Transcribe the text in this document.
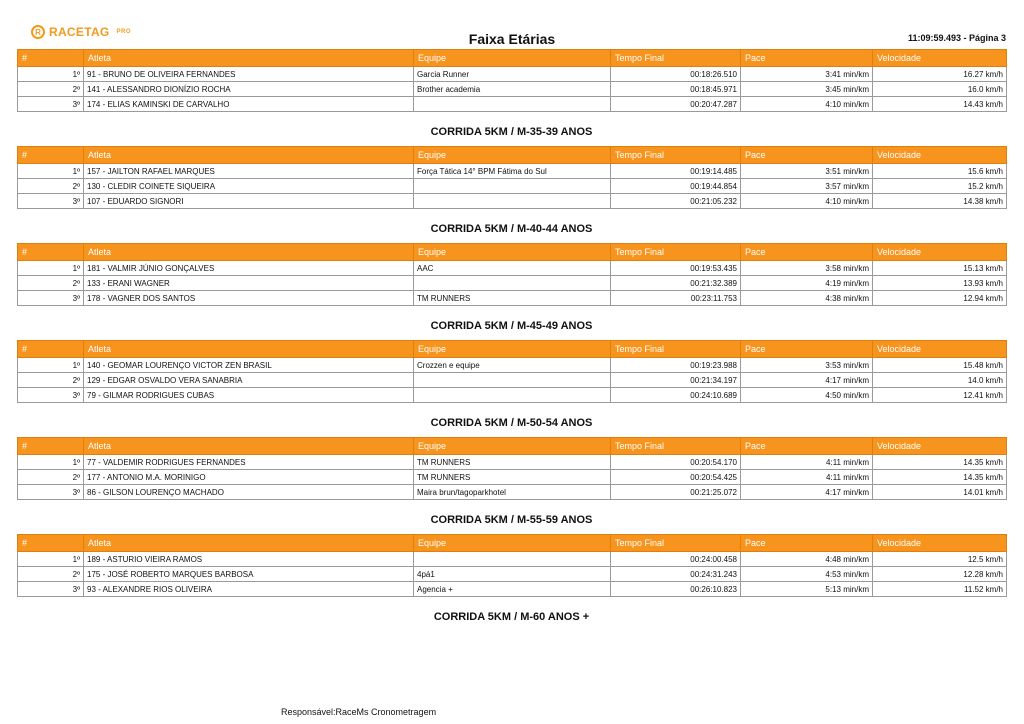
R RACETAG PRO	Faixa Etárias	11:09:59.493 - Página 3
#	Atleta	Equipe	Tempo Final	Pace	Velocidade
1º	91 - BRUNO DE OLIVEIRA FERNANDES	Garcia Runner	00:18:26.510	3:41 min/km	16.27 km/h
2º	141 - ALESSANDRO DIONÍZIO ROCHA	Brother academia	00:18:45.971	3:45 min/km	16.0 km/h
3º	174 - ELIAS KAMINSKI DE CARVALHO		00:20:47.287	4:10 min/km	14.43 km/h
CORRIDA 5KM / M-35-39 ANOS
#	Atleta	Equipe	Tempo Final	Pace	Velocidade
1º	157 - JAILTON RAFAEL MARQUES	Força Tática 14° BPM Fátima do Sul	00:19:14.485	3:51 min/km	15.6 km/h
2º	130 - CLEDIR COINETE SIQUEIRA		00:19:44.854	3:57 min/km	15.2 km/h
3º	107 - EDUARDO SIGNORI		00:21:05.232	4:10 min/km	14.38 km/h
CORRIDA 5KM / M-40-44 ANOS
#	Atleta	Equipe	Tempo Final	Pace	Velocidade
1º	181 - VALMIR JÚNIO GONÇALVES	AAC	00:19:53.435	3:58 min/km	15.13 km/h
2º	133 - ERANI WAGNER		00:21:32.389	4:19 min/km	13.93 km/h
3º	178 - VAGNER DOS SANTOS	TM RUNNERS	00:23:11.753	4:38 min/km	12.94 km/h
CORRIDA 5KM / M-45-49 ANOS
#	Atleta	Equipe	Tempo Final	Pace	Velocidade
1º	140 - GEOMAR LOURENÇO VICTOR ZEN BRASIL	Crozzen e equipe	00:19:23.988	3:53 min/km	15.48 km/h
2º	129 - EDGAR OSVALDO VERA SANABRIA		00:21:34.197	4:17 min/km	14.0 km/h
3º	79 - GILMAR RODRIGUES CUBAS		00:24:10.689	4:50 min/km	12.41 km/h
CORRIDA 5KM / M-50-54 ANOS
#	Atleta	Equipe	Tempo Final	Pace	Velocidade
1º	77 - VALDEMIR RODRIGUES FERNANDES	TM RUNNERS	00:20:54.170	4:11 min/km	14.35 km/h
2º	177 - ANTONIO M.A. MORINIGO	TM RUNNERS	00:20:54.425	4:11 min/km	14.35 km/h
3º	86 - GILSON LOURENÇO MACHADO	Maira brun/tagoparkhotel	00:21:25.072	4:17 min/km	14.01 km/h
CORRIDA 5KM / M-55-59 ANOS
#	Atleta	Equipe	Tempo Final	Pace	Velocidade
1º	189 - ASTURIO VIEIRA RAMOS		00:24:00.458	4:48 min/km	12.5 km/h
2º	175 - JOSÉ ROBERTO MARQUES BARBOSA	4pá1	00:24:31.243	4:53 min/km	12.28 km/h
3º	93 - ALEXANDRE RIOS OLIVEIRA	Agencia +	00:26:10.823	5:13 min/km	11.52 km/h
CORRIDA 5KM / M-60 ANOS +
Responsável:RaceMs Cronometragem
